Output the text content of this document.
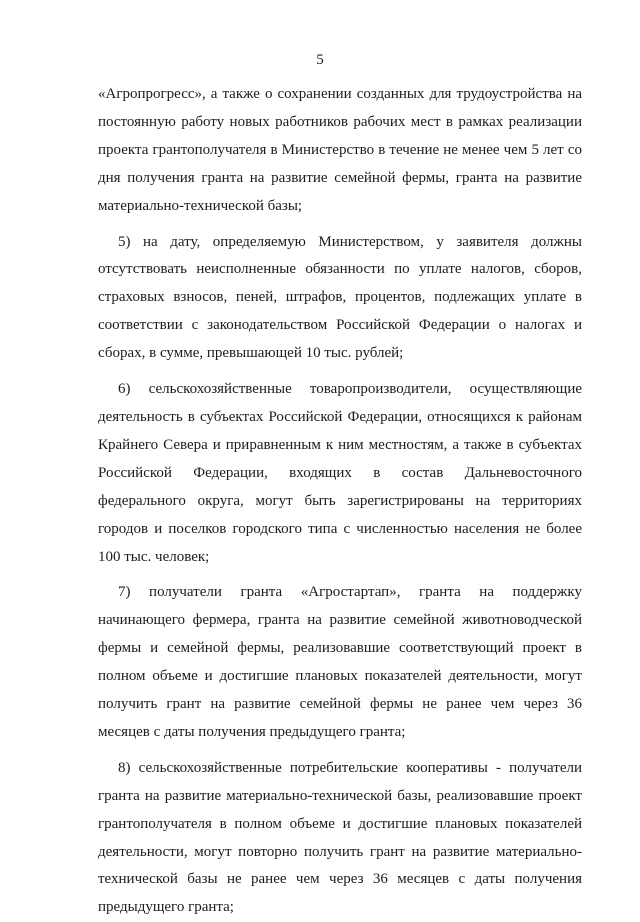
5

«Агропрогресс», а также о сохранении созданных для трудоустройства на постоянную работу новых работников рабочих мест в рамках реализации проекта грантополучателя в Министерство в течение не менее чем 5 лет со дня получения гранта на развитие семейной фермы, гранта на развитие материально-технической базы;

5) на дату, определяемую Министерством, у заявителя должны отсутствовать неисполненные обязанности по уплате налогов, сборов, страховых взносов, пеней, штрафов, процентов, подлежащих уплате в соответствии с законодательством Российской Федерации о налогах и сборах, в сумме, превышающей 10 тыс. рублей;

6) сельскохозяйственные товаропроизводители, осуществляющие деятельность в субъектах Российской Федерации, относящихся к районам Крайнего Севера и приравненным к ним местностям, а также в субъектах Российской Федерации, входящих в состав Дальневосточного федерального округа, могут быть зарегистрированы на территориях городов и поселков городского типа с численностью населения не более 100 тыс. человек;

7) получатели гранта «Агростартап», гранта на поддержку начинающего фермера, гранта на развитие семейной животноводческой фермы и семейной фермы, реализовавшие соответствующий проект в полном объеме и достигшие плановых показателей деятельности, могут получить грант на развитие семейной фермы не ранее чем через 36 месяцев с даты получения предыдущего гранта;

8) сельскохозяйственные потребительские кооперативы - получатели гранта на развитие материально-технической базы, реализовавшие проект грантополучателя в полном объеме и достигшие плановых показателей деятельности, могут повторно получить грант на развитие материально-технической базы не ранее чем через 36 месяцев с даты получения предыдущего гранта;
